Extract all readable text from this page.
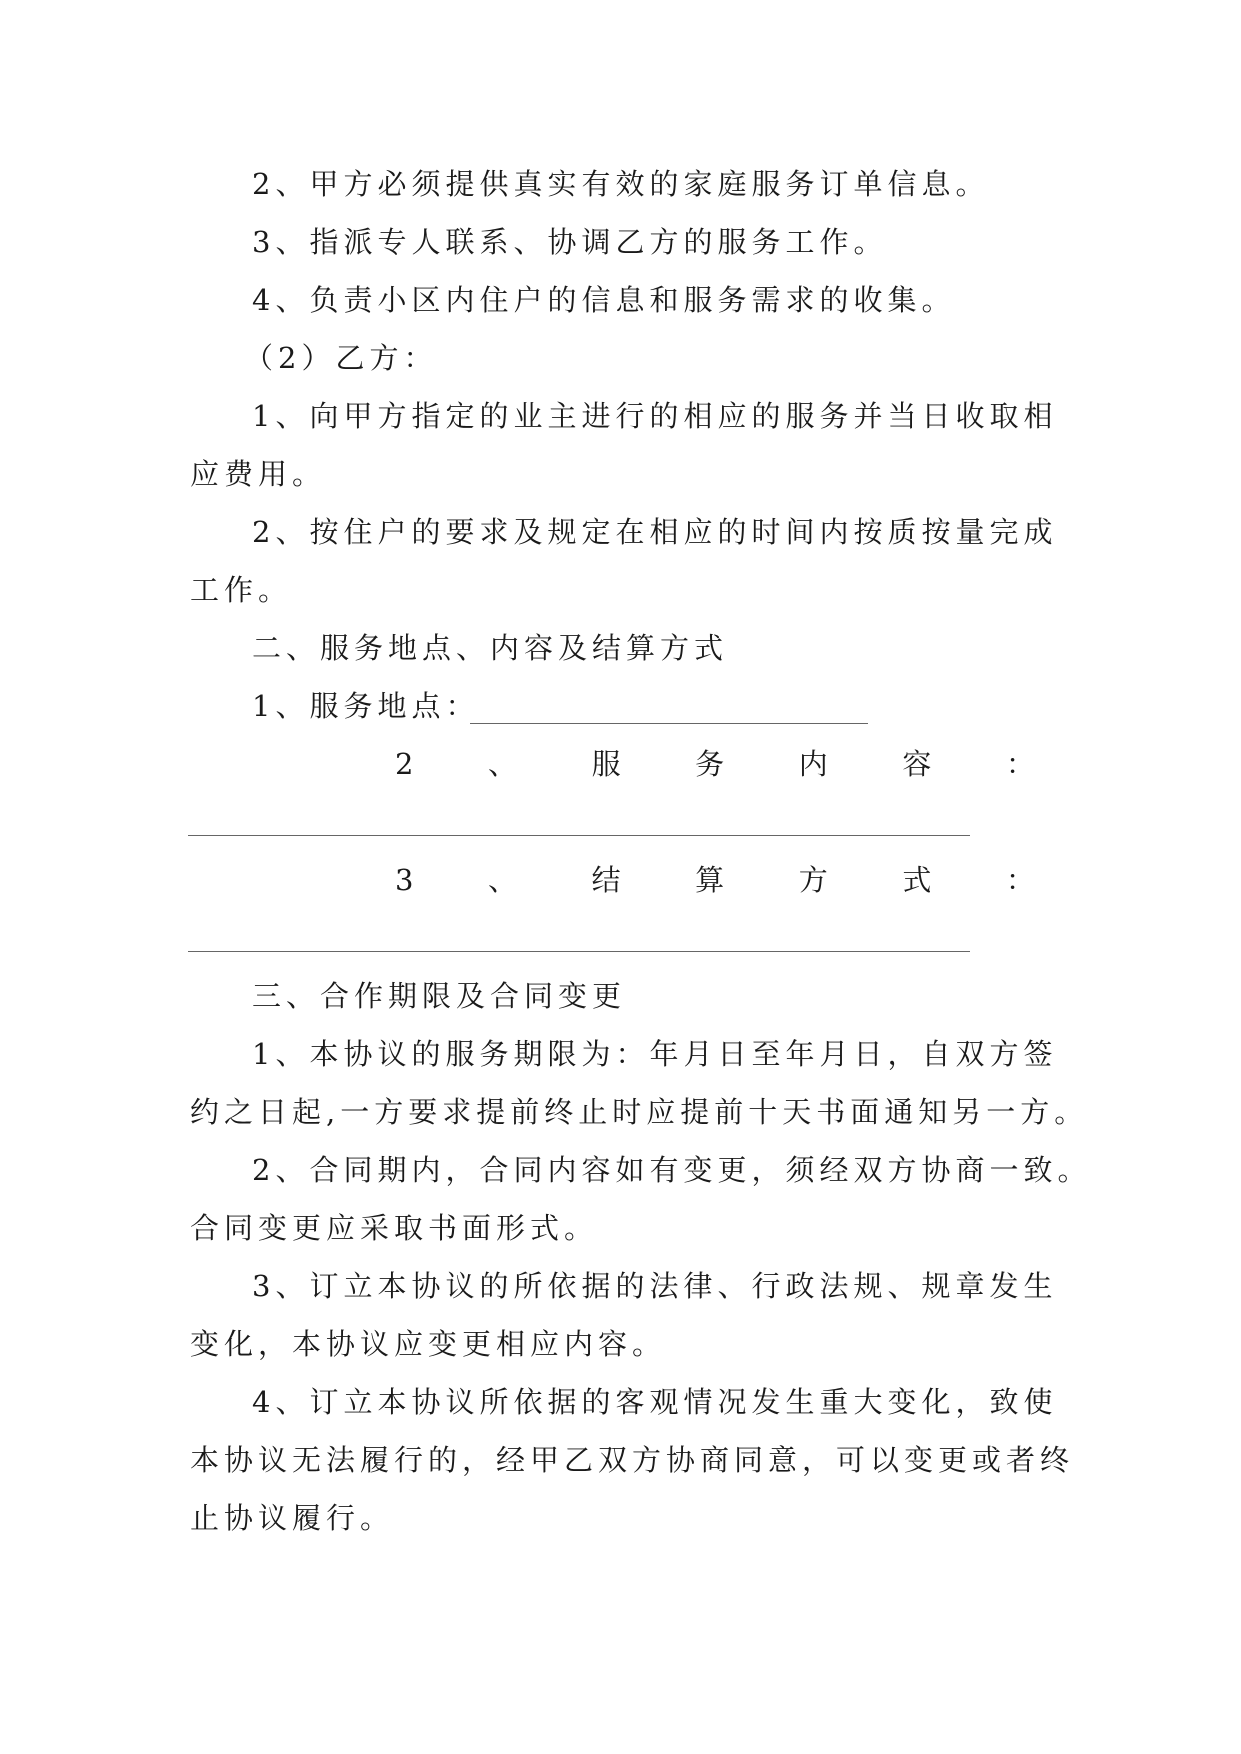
2、甲方必须提供真实有效的家庭服务订单信息。
3、指派专人联系、协调乙方的服务工作。
4、负责小区内住户的信息和服务需求的收集。
（2）乙方：
1、向甲方指定的业主进行的相应的服务并当日收取相
应费用。
2、按住户的要求及规定在相应的时间内按质按量完成
工作。
二、服务地点、内容及结算方式
1、服务地点：
2	、	服	务	内	容	：
3	、	结	算	方	式	：
三、合作期限及合同变更
1、本协议的服务期限为：年月日至年月日，自双方签
约之日起,一方要求提前终止时应提前十天书面通知另一方。
2、合同期内，合同内容如有变更，须经双方协商一致。
合同变更应采取书面形式。
3、订立本协议的所依据的法律、行政法规、规章发生
变化，本协议应变更相应内容。
4、订立本协议所依据的客观情况发生重大变化，致使
本协议无法履行的，经甲乙双方协商同意，可以变更或者终
止协议履行。
